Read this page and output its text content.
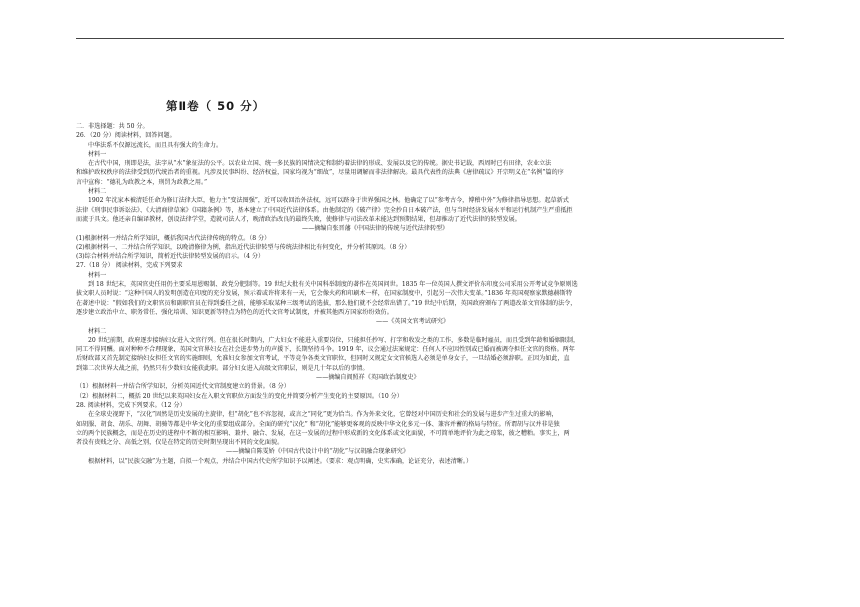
第Ⅱ卷（ 50 分）
二．非选择题：共 50 分。
26．（20 分）阅读材料，回答问题。
中华法系不仅源远流长，而且具有强大的生命力。
材料一
在古代中国，刑即是法，法字从“水”象征法的公平。以农业立国、统一多民族的国情决定和制约着法律的形成、发展以及它的传统。据史书记载，西周时已有田律，农业立法
和维护政权秩序的法律受到历代统治者的重视。凡涉及民事纠纷、经济权益，国家均视为“细故”，尽量用调解而非法律解决。最具代表性的法典《唐律疏议》开宗明义在“名例”篇的序
言中宣称：“德礼为政教之本，刑罚为政教之用。”
材料二
1902 年沈家本被清廷任命为修订法律大臣，他力主“变法图强”，近可以收回治外法权，远可以跻身于世界强国之林。他确定了以“参考古今，博稽中外”为修律指导思想。起草新式
法律《刑事民事诉讼法》、《大清商律草案》《国籍条例》等，基本建立了中国近代法律体系。由他制定的《破产律》完全抄自日本破产法，但与当时经济发展水平和运行机制产生严重抵拒
而流于具文。他还亲自编译教材，创设法律学堂，造就司法人才，晚清政治改良的最终失败，使修律与司法改革未能达到预期结果，但却推动了近代法律的转型发展。
——摘编自张晋藩《中国法律的传统与近代法律转型》
(1)根据材料一并结合所学知识，概括我国古代法律传统的特点。（8 分）
(2)根据材料一、二并结合所学知识，以晚清修律为例，指出近代法律转型与传统法律相比有何变化，并分析其原因。（8 分）
(3)综合材料并结合所学知识，简析近代法律转型发展的启示。（4 分）
27.（18 分） 阅读材料，完成下列要求
材料一
到 18 世纪末，英国官吏任用仍主要采用恩赐制、政党分肥制等。19 世纪大批有关中国科举制度的著作在英国问世。1835 年一位英国人撰文评价东印度公司采用公开考试竞争原则选
拔文职人员时说：“这种中国人的发明创造在印度的充分发展，预示着或许将来有一天，它会像火药和印刷术一样，在国家制度中，引起另一次伟大变革。”1836 年英国观察家默德赫斯特
在著述中说：“假如我们的文职官员和副职官员在得到委任之前，能够采取某种三级考试的选拔，那么他们就不会经常出错了。”19 世纪中后期，英国政府颁布了两道改革文官体制的法令，
逐步建立政治中立、职务常任、强化培训、知识更新等特点为特色的近代文官考试制度，并被其他西方国家纷纷效仿。
——《英国文官考试研究》
材料二
20 世纪前期，政府逐步接纳妇女进入文官行列。但在很长时期内，广大妇女不能进入重要岗位，只能担任抄写、打字和收发之类的工作，多数是临时雇员，而且受到年龄和婚姻限制，
同工不得同酬。面对种种不合理现象，英国文官界妇女在社会进步势力的声援下，长期坚持斗争。1919 年，议会通过法案规定：任何人不应因性别或已婚而被调夺担任文官的资格。两年
后财政部又首先制定接纳妇女担任文官的实施细则，允准妇女参加文官考试，平等竞争各类文官职位，但同时又规定女文官候选人必须是单身女子，一旦结婚必须辞职。正因为如此，直
到第二次世界大战之前，仍然只有少数妇女能获此职。部分妇女进入高级文官职层，则是几十年以后的事情。
——摘编自阎照祥《英国政治制度史》
（1）根据材料一并结合所学知识，分析英国近代文官制度建立的背景。（8 分）
（2）根据材料二，概括 20 世纪以来英国妇女在入职文官职位方面发生的变化并简要分析产生变化的主要原因。（10 分）
28. 阅读材料，完成下列要求。（12 分）
在全球史视野下，“汉化”固然是历史发展的主旋律，但“胡化”也不容忽视，或言之“同化”更为恰当。作为外来文化，它曾经对中国历史和社会的发展与进步产生过重大的影响，
如胡服、胡食、胡乐、胡舞、胡骑等都是中华文化的重要组成部分。全面的研究“汉化” 和“胡化”能够更客观的反映中华文化多元一体、兼容并蓄的格局与特征。所谓胡与汉并非是独
立的两个民族概念，而是在历史的进程中不断的相互影响、兼并、融合、发展，在这一发展的过程中形成新的文化体系或文化面貌，不可简单地评价为此之琼浆，彼之糟粕。事实上，两
者没有贵贱之分、高低之别，仅是在特定的历史时期呈现出不同的文化面貌。
——摘编自陈雯娇《中国古代设计中的“胡化”与汉胡融合现象研究》
根据材料，以“民族交融”为主题，自拟一个观点，并结合中国古代史所学知识予以阐述。（要求：观点明确，史实准确，论证充分，表述清晰。）
